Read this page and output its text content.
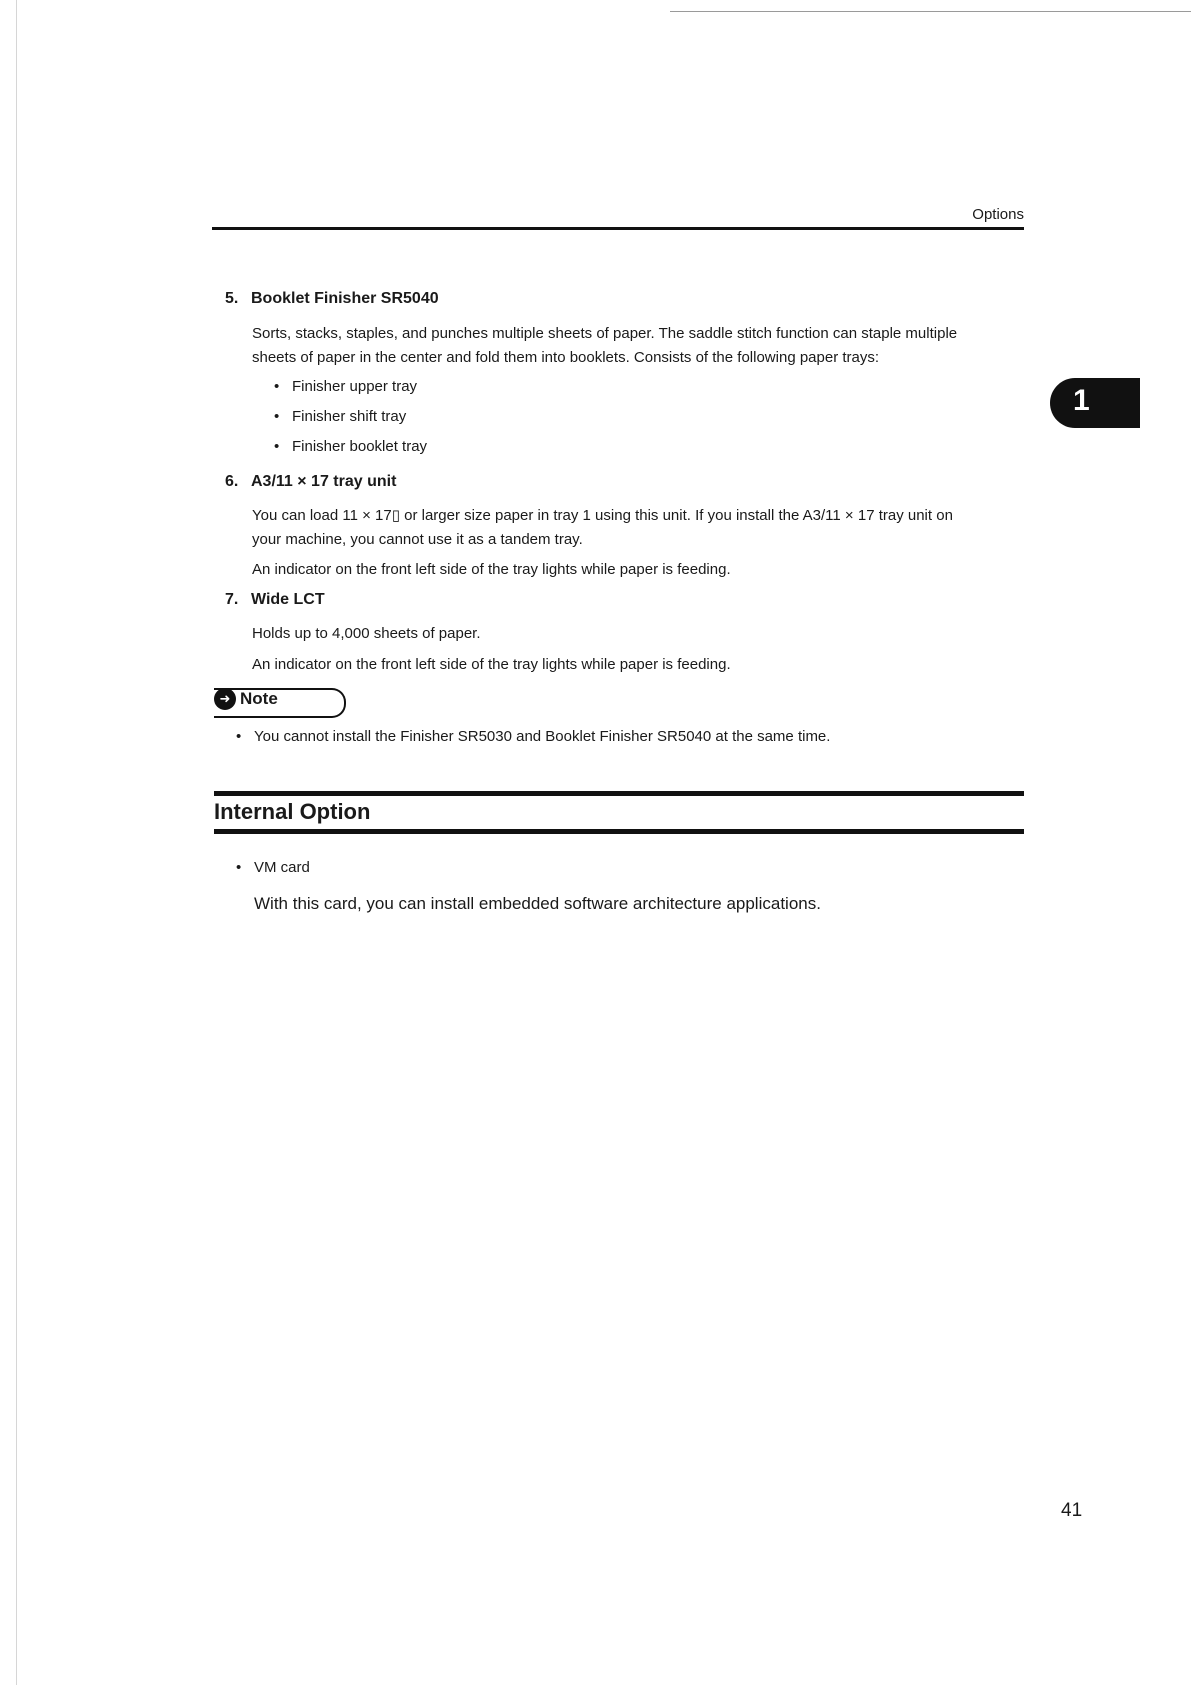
Options
1
5. Booklet Finisher SR5040
Sorts, stacks, staples, and punches multiple sheets of paper. The saddle stitch function can staple multiple
sheets of paper in the center and fold them into booklets. Consists of the following paper trays:
• Finisher upper tray
• Finisher shift tray
• Finisher booklet tray
6. A3/11 × 17 tray unit
You can load 11 × 17▯ or larger size paper in tray 1 using this unit. If you install the A3/11 × 17 tray unit on
your machine, you cannot use it as a tandem tray.
An indicator on the front left side of the tray lights while paper is feeding.
7. Wide LCT
Holds up to 4,000 sheets of paper.
An indicator on the front left side of the tray lights while paper is feeding.
➜ Note
• You cannot install the Finisher SR5030 and Booklet Finisher SR5040 at the same time.
Internal Option
• VM card
With this card, you can install embedded software architecture applications.
41
